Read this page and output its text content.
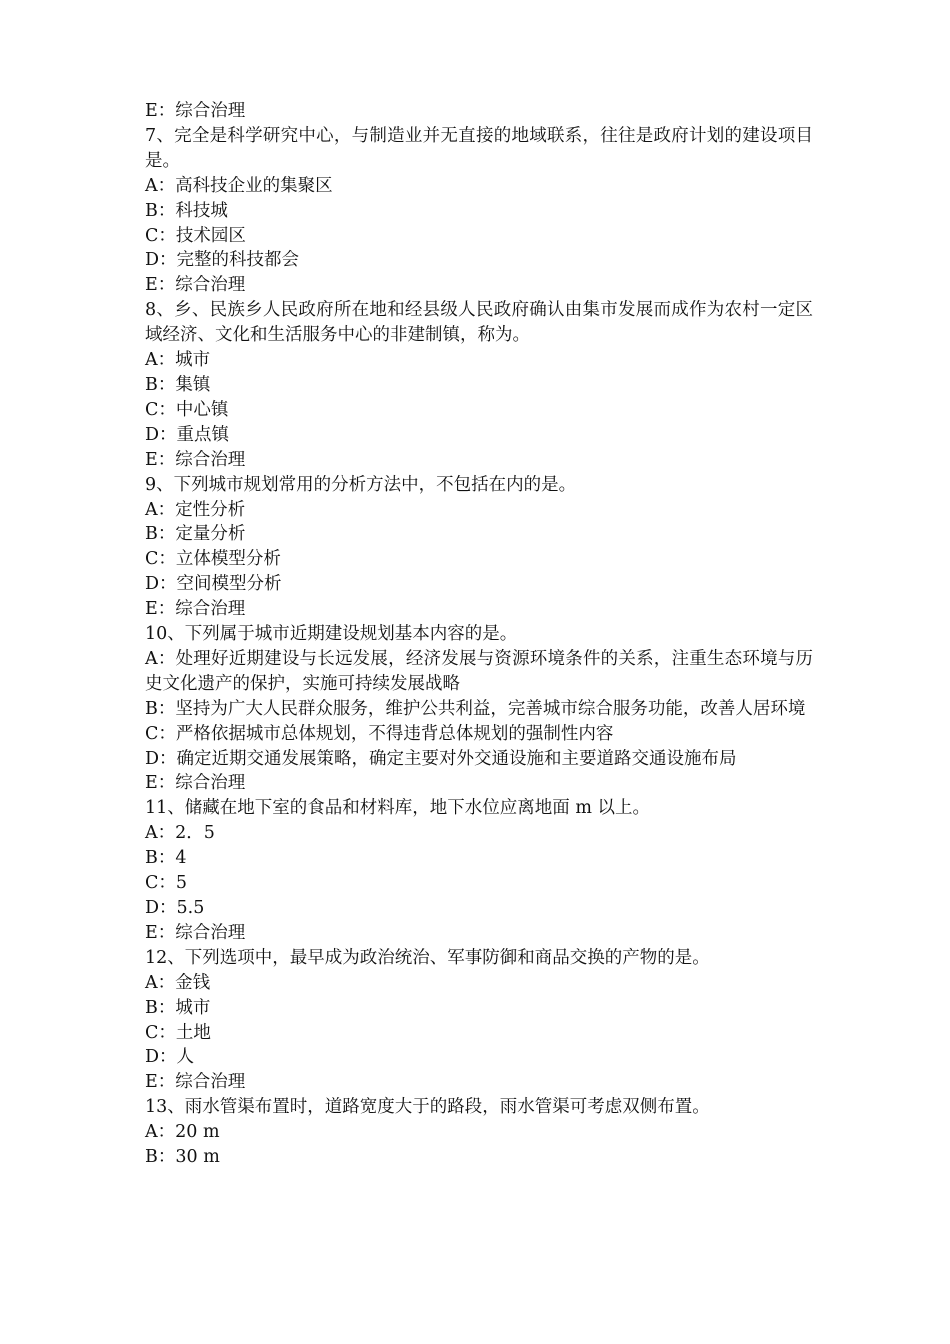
E：综合治理
7、完全是科学研究中心，与制造业并无直接的地域联系，往往是政府计划的建设项目是。
A：高科技企业的集聚区
B：科技城
C：技术园区
D：完整的科技都会
E：综合治理
8、乡、民族乡人民政府所在地和经县级人民政府确认由集市发展而成作为农村一定区域经济、文化和生活服务中心的非建制镇，称为。
A：城市
B：集镇
C：中心镇
D：重点镇
E：综合治理
9、下列城市规划常用的分析方法中，不包括在内的是。
A：定性分析
B：定量分析
C：立体模型分析
D：空间模型分析
E：综合治理
10、下列属于城市近期建设规划基本内容的是。
A：处理好近期建设与长远发展，经济发展与资源环境条件的关系，注重生态环境与历史文化遗产的保护，实施可持续发展战略
B：坚持为广大人民群众服务，维护公共利益，完善城市综合服务功能，改善人居环境
C：严格依据城市总体规划，不得违背总体规划的强制性内容
D：确定近期交通发展策略，确定主要对外交通设施和主要道路交通设施布局
E：综合治理
11、储藏在地下室的食品和材料库，地下水位应离地面 m 以上。
A：2．5
B：4
C：5
D：5.5
E：综合治理
12、下列选项中，最早成为政治统治、军事防御和商品交换的产物的是。
A：金钱
B：城市
C：土地
D：人
E：综合治理
13、雨水管渠布置时，道路宽度大于的路段，雨水管渠可考虑双侧布置。
A：20 m
B：30 m
